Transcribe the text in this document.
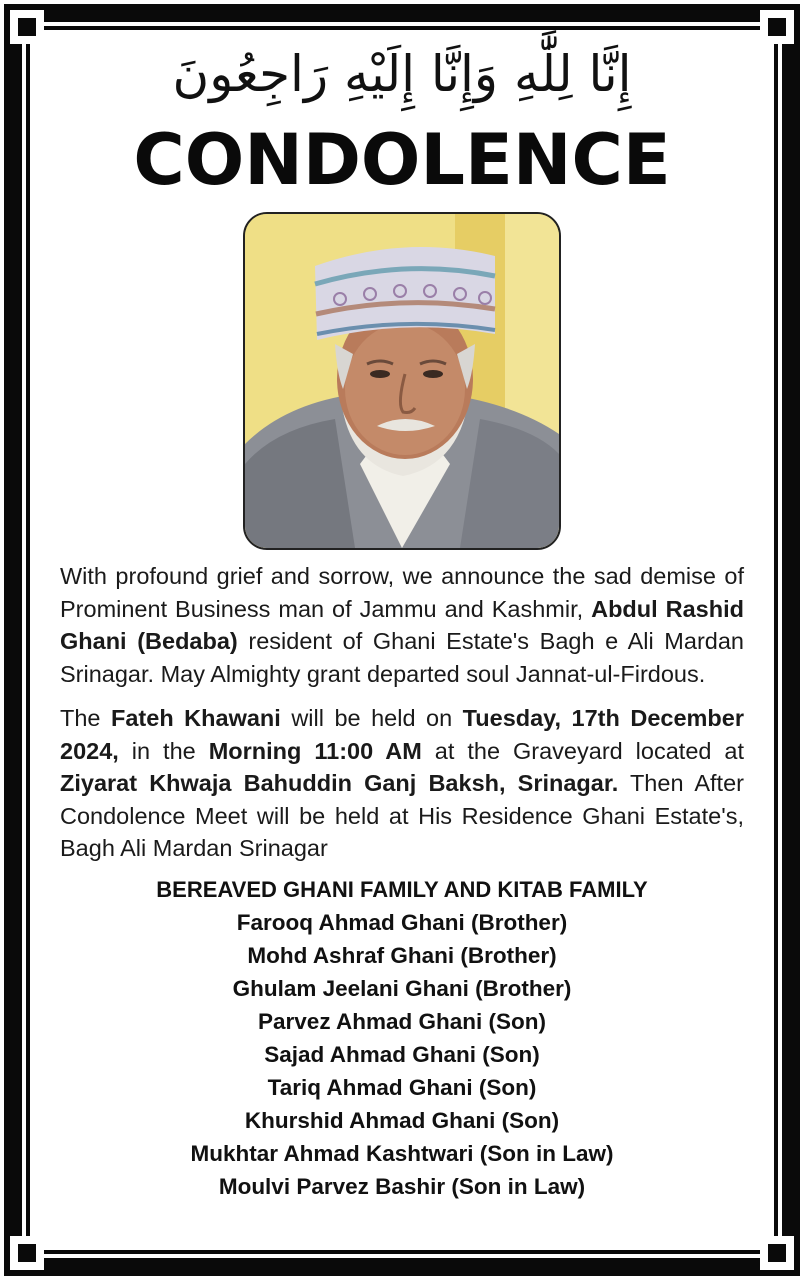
إِنَّا لِلَّٰهِ وَإِنَّا إِلَيْهِ رَاجِعُونَ
CONDOLENCE

With profound grief and sorrow, we announce the sad demise of Prominent Business man of Jammu and Kashmir, Abdul Rashid Ghani (Bedaba) resident of Ghani Estate's Bagh e Ali Mardan Srinagar. May Almighty grant departed soul Jannat-ul-Firdous.

The Fateh Khawani will be held on Tuesday, 17th December 2024, in the Morning 11:00 AM at the Graveyard located at Ziyarat Khwaja Bahuddin Ganj Baksh, Srinagar. Then After Condolence Meet will be held at His Residence Ghani Estate's, Bagh Ali Mardan Srinagar

BEREAVED GHANI FAMILY AND KITAB FAMILY
Farooq Ahmad Ghani (Brother)
Mohd Ashraf Ghani (Brother)
Ghulam Jeelani Ghani (Brother)
Parvez Ahmad Ghani (Son)
Sajad Ahmad Ghani (Son)
Tariq Ahmad Ghani (Son)
Khurshid Ahmad Ghani (Son)
Mukhtar Ahmad Kashtwari (Son in Law)
Moulvi Parvez Bashir (Son in Law)
